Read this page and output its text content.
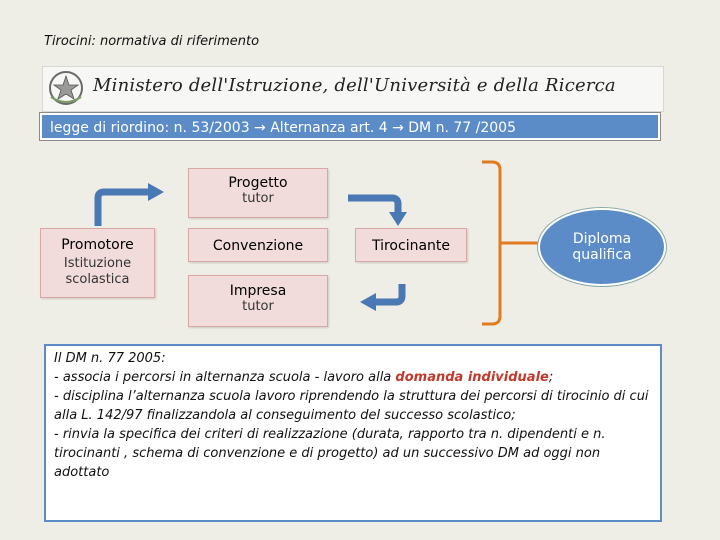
Tirocini: normativa di riferimento
Ministero dell'Istruzione, dell'Università e della Ricerca
legge di riordino: n. 53/2003 → Alternanza art. 4 → DM n. 77 /2005
Progetto
tutor
Convenzione
Impresa
tutor
Promotore
Istituzione scolastica
Tirocinante	Diploma
qualifica
Il DM n. 77 2005:
- associa i percorsi in alternanza scuola - lavoro alla domanda individuale;
- disciplina l’alternanza scuola lavoro riprendendo la struttura dei percorsi di tirocinio di cui alla L. 142/97 finalizzandola al conseguimento del successo scolastico;
- rinvia la specifica dei criteri di realizzazione (durata, rapporto tra n. dipendenti e n. tirocinanti , schema di convenzione e di progetto) ad un successivo DM ad oggi non adottato
